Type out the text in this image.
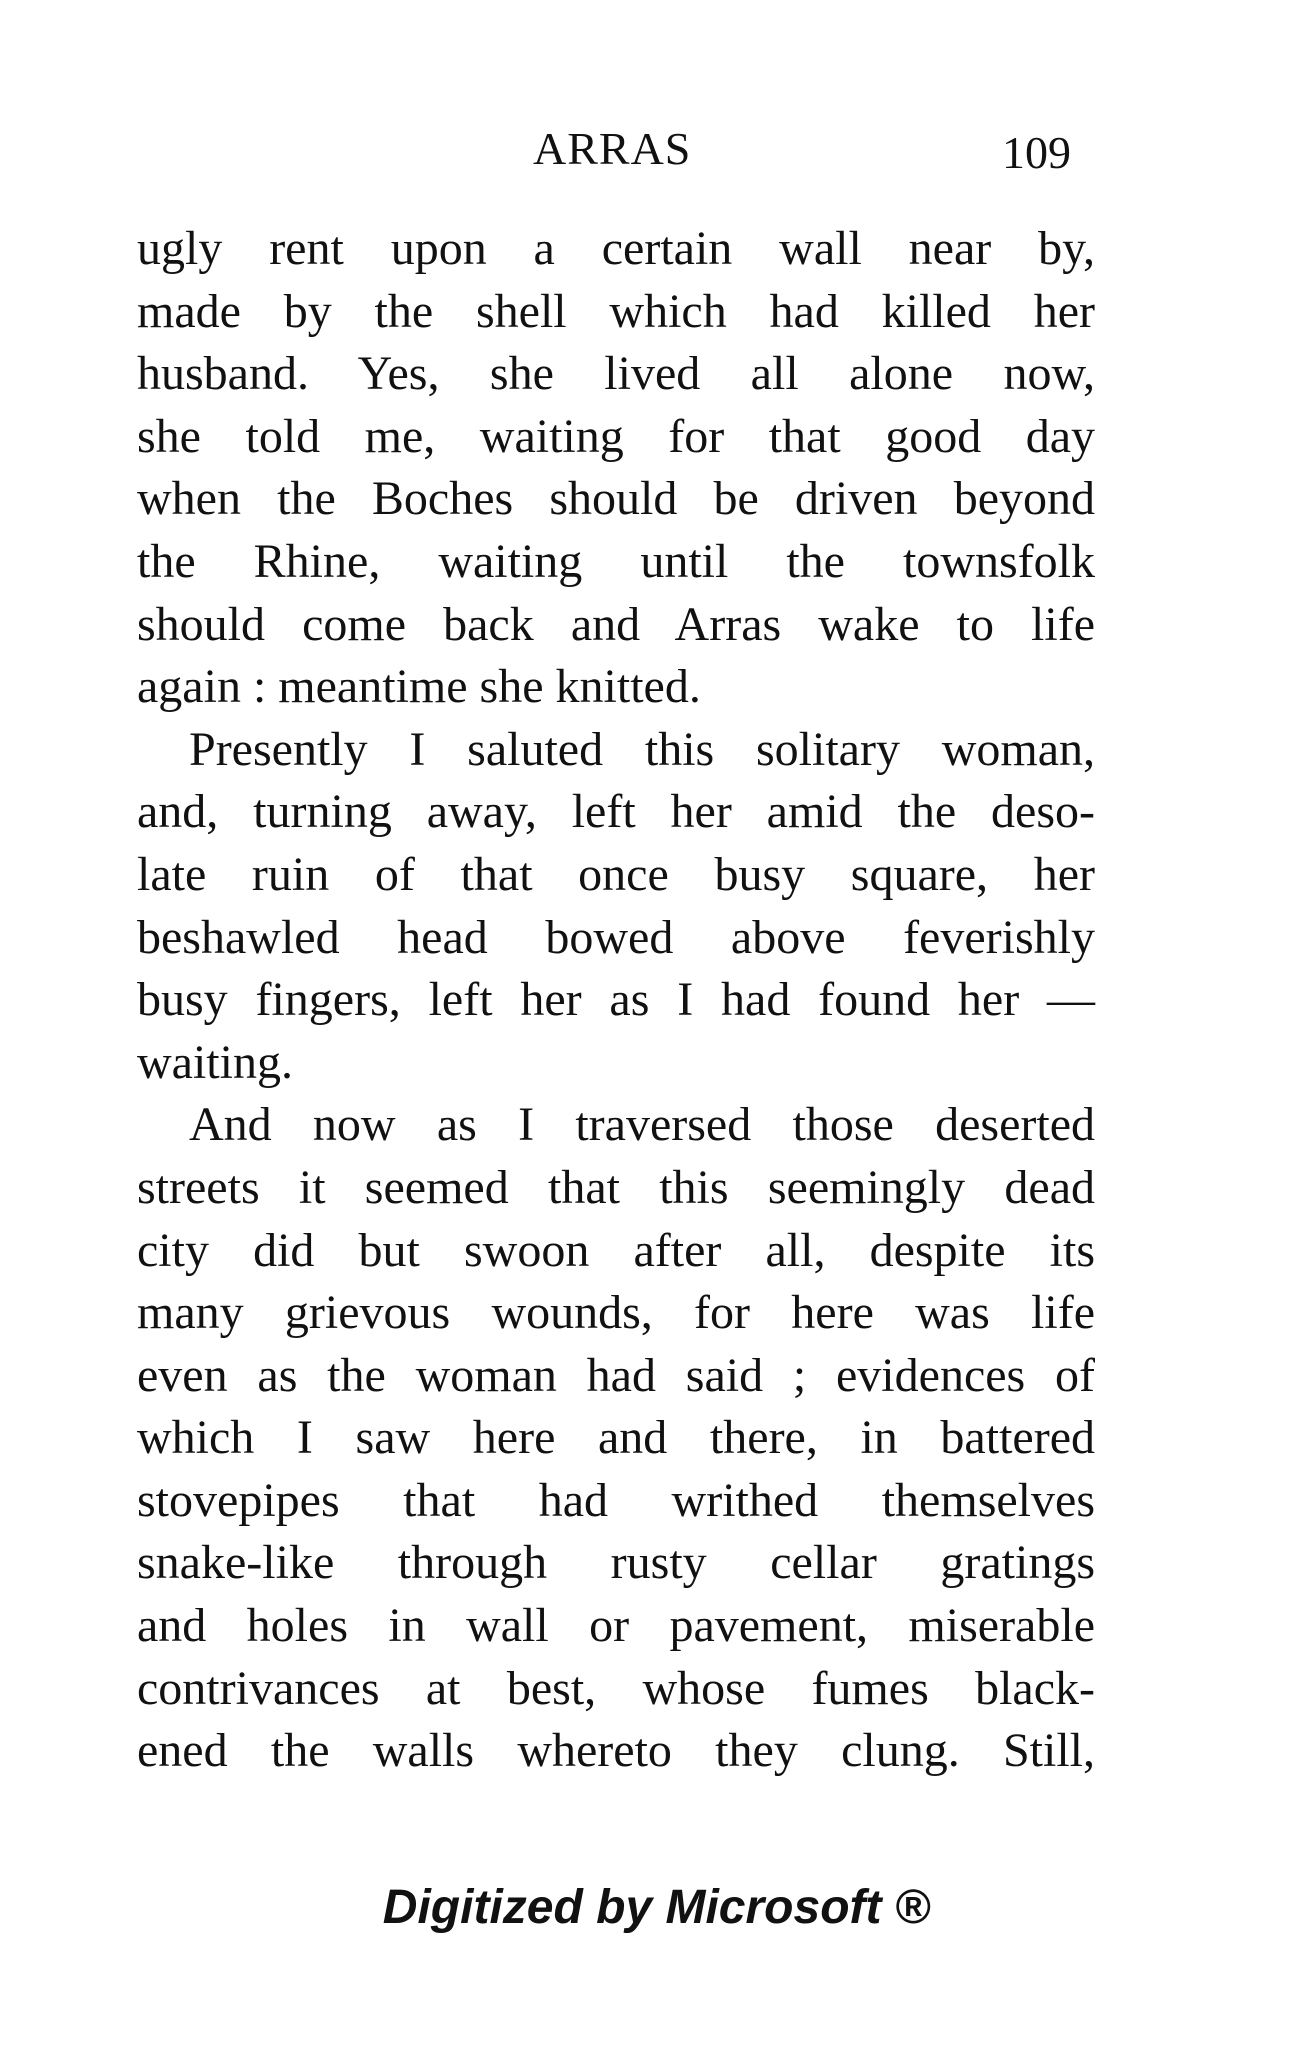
ARRAS	109
ugly rent upon a certain wall near by,
made by the shell which had killed her
husband. Yes, she lived all alone now,
she told me, waiting for that good day
when the Boches should be driven beyond
the Rhine, waiting until the townsfolk
should come back and Arras wake to life
again : meantime she knitted.
Presently I saluted this solitary woman,
and, turning away, left her amid the deso-
late ruin of that once busy square, her
beshawled head bowed above feverishly
busy fingers, left her as I had found her —
waiting.
And now as I traversed those deserted
streets it seemed that this seemingly dead
city did but swoon after all, despite its
many grievous wounds, for here was life
even as the woman had said ; evidences of
which I saw here and there, in battered
stovepipes that had writhed themselves
snake-like through rusty cellar gratings
and holes in wall or pavement, miserable
contrivances at best, whose fumes black-
ened the walls whereto they clung. Still,
Digitized by Microsoft ®
